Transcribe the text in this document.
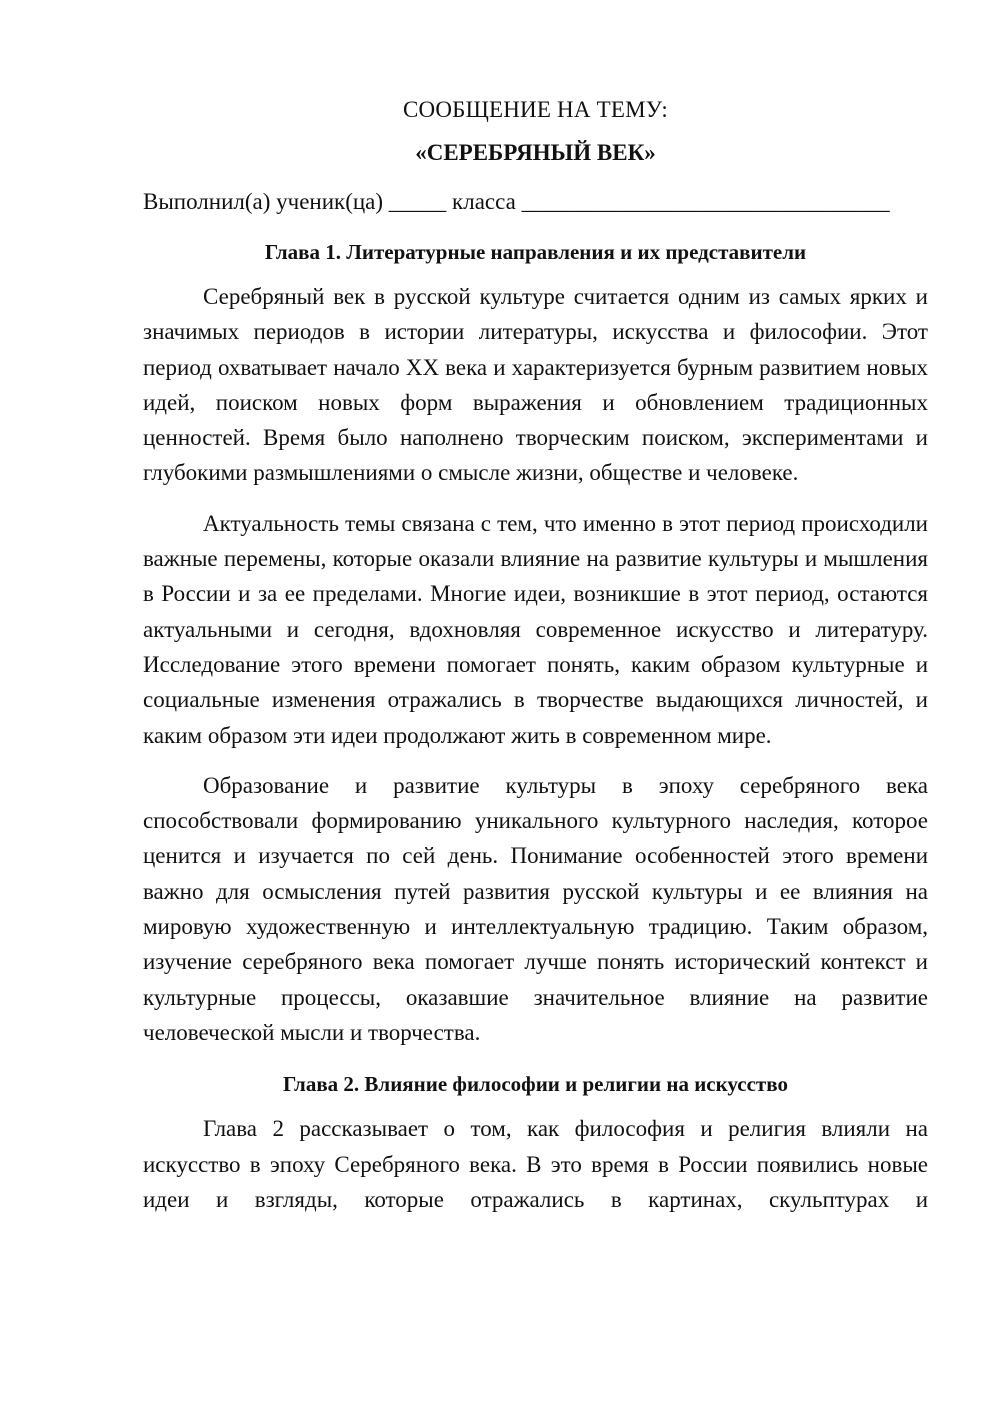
СООБЩЕНИЕ НА ТЕМУ:

«СЕРЕБРЯНЫЙ ВЕК»

Выполнил(а) ученик(ца) _____ класса ________________________________

Глава 1. Литературные направления и их представители

Серебряный век в русской культуре считается одним из самых ярких и значимых периодов в истории литературы, искусства и философии. Этот период охватывает начало XX века и характеризуется бурным развитием новых идей, поиском новых форм выражения и обновлением традиционных ценностей. Время было наполнено творческим поиском, экспериментами и глубокими размышлениями о смысле жизни, обществе и человеке.

Актуальность темы связана с тем, что именно в этот период происходили важные перемены, которые оказали влияние на развитие культуры и мышления в России и за ее пределами. Многие идеи, возникшие в этот период, остаются актуальными и сегодня, вдохновляя современное искусство и литературу. Исследование этого времени помогает понять, каким образом культурные и социальные изменения отражались в творчестве выдающихся личностей, и каким образом эти идеи продолжают жить в современном мире.

Образование и развитие культуры в эпоху серебряного века способствовали формированию уникального культурного наследия, которое ценится и изучается по сей день. Понимание особенностей этого времени важно для осмысления путей развития русской культуры и ее влияния на мировую художественную и интеллектуальную традицию. Таким образом, изучение серебряного века помогает лучше понять исторический контекст и культурные процессы, оказавшие значительное влияние на развитие человеческой мысли и творчества.

Глава 2. Влияние философии и религии на искусство

Глава 2 рассказывает о том, как философия и религия влияли на искусство в эпоху Серебряного века. В это время в России появились новые идеи и взгляды, которые отражались в картинах, скульптурах и
